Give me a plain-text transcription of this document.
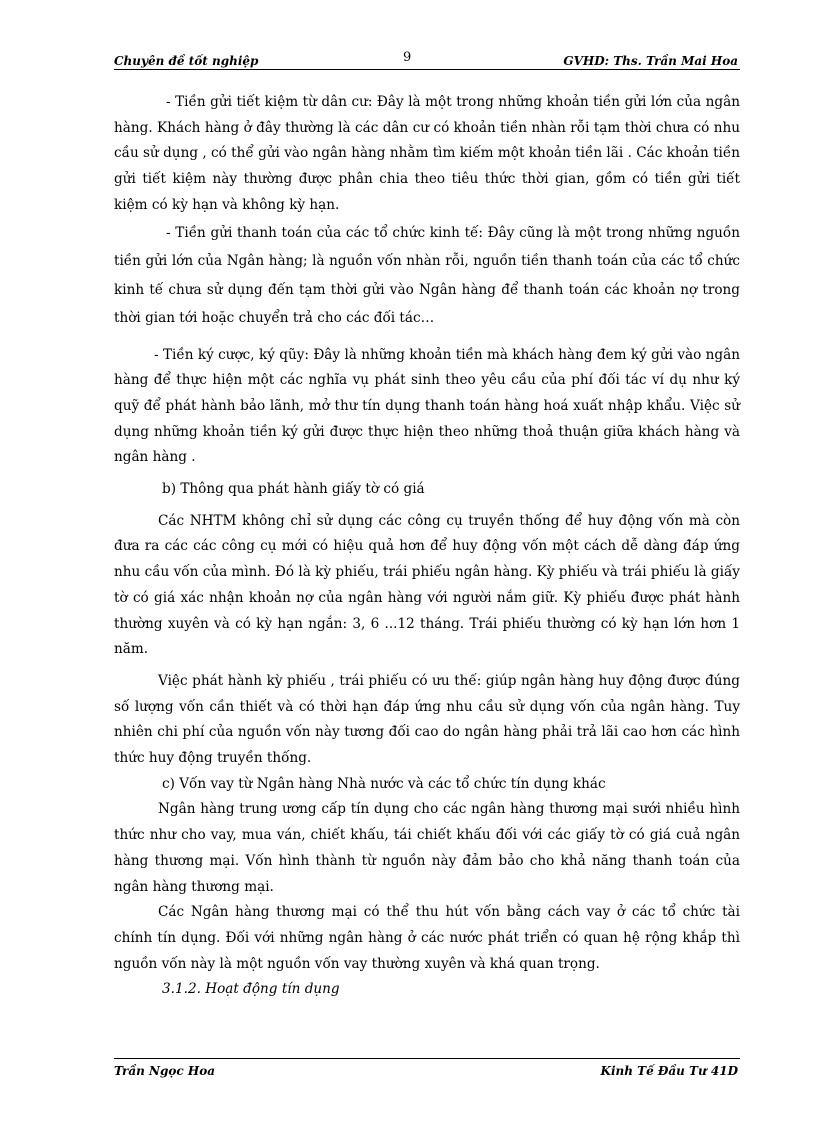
Chuyên đề tốt nghiệp	9	GVHD: Ths. Trần Mai Hoa

- Tiền gửi tiết kiệm từ dân cư: Đây là một trong những khoản tiền gửi lớn của ngân hàng. Khách hàng ở đây thường là các dân cư có khoản tiền nhàn rỗi tạm thời chưa có nhu cầu sử dụng , có thể gửi vào ngân hàng nhằm tìm kiếm một khoản tiền lãi . Các khoản tiền gửi tiết kiệm này thường được phân chia theo tiêu thức thời gian, gồm có tiền gửi tiết kiệm có kỳ hạn và không kỳ hạn.

- Tiền gửi thanh toán của các tổ chức kinh tế: Đây cũng là một trong những nguồn tiền gửi lớn của Ngân hàng; là nguồn vốn nhàn rỗi, nguồn tiền thanh toán của các tổ chức kinh tế chưa sử dụng đến tạm thời gửi vào Ngân hàng để thanh toán các khoản nợ trong thời gian tới hoặc chuyển trả cho các đối tác…

- Tiền ký cược, ký qũy: Đây là những khoản tiền mà khách hàng đem ký gửi vào ngân hàng để thực hiện một các nghĩa vụ phát sinh theo yêu cầu của phí đối tác ví dụ như ký quỹ để phát hành bảo lãnh, mở thư tín dụng thanh toán hàng hoá xuất nhập khẩu. Việc sử dụng những khoản tiền ký gửi được thực hiện theo những thoả thuận giữa khách hàng và ngân hàng .

b) Thông qua phát hành giấy tờ có giá

Các NHTM không chỉ sử dụng các công cụ truyền thống để huy động vốn mà còn đưa ra các các công cụ mới có hiệu quả hơn để huy động vốn một cách dễ dàng đáp ứng nhu cầu vốn của mình. Đó là kỳ phiếu, trái phiếu ngân hàng. Kỳ phiếu và trái phiếu là giấy tờ có giá xác nhận khoản nợ của ngân hàng với người nắm giữ. Kỳ phiếu được phát hành thường xuyên và có kỳ hạn ngắn: 3, 6 ...12 tháng. Trái phiếu thường có kỳ hạn lớn hơn 1 năm.

Việc phát hành kỳ phiếu , trái phiếu có ưu thế: giúp ngân hàng huy động được đúng số lượng vốn cần thiết và có thời hạn đáp ứng nhu cầu sử dụng vốn của ngân hàng. Tuy nhiên chi phí của nguồn vốn này tương đối cao do ngân hàng phải trả lãi cao hơn các hình thức huy động truyền thống.

c) Vốn vay từ Ngân hàng Nhà nước và các tổ chức tín dụng khác

Ngân hàng trung ương cấp tín dụng cho các ngân hàng thương mại sưới nhiều hình thức như cho vay, mua ván, chiết khấu, tái chiết khấu đối với các giấy tờ có giá cuả ngân hàng thương mại. Vốn hình thành từ nguồn này đảm bảo cho khả năng thanh toán của ngân hàng thương mại.

Các Ngân hàng thương mại có thể thu hút vốn bằng cách vay ở các tổ chức tài chính tín dụng. Đối với những ngân hàng ở các nước phát triển có quan hệ rộng khắp thì nguồn vốn này là một nguồn vốn vay thường xuyên và khá quan trọng.

3.1.2. Hoạt động tín dụng

Trần Ngọc Hoa	Kinh Tế Đầu Tư 41D
